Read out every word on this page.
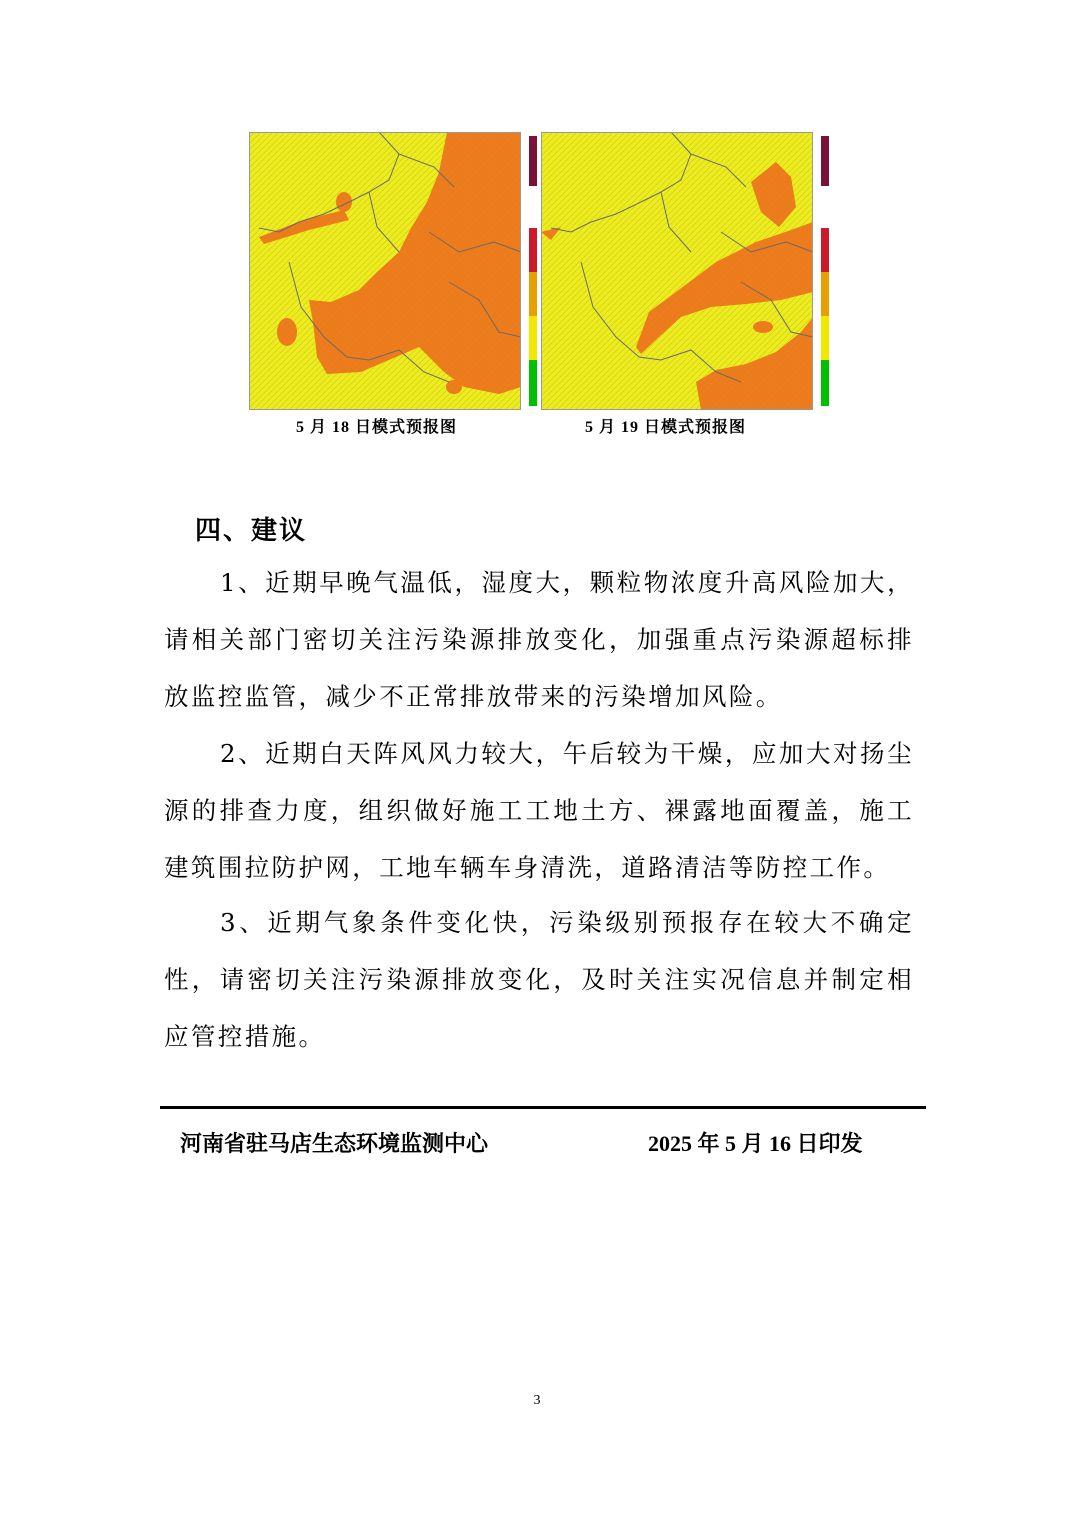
5 月 18 日模式预报图	5 月 19 日模式预报图
四、建议

1、近期早晚气温低，湿度大，颗粒物浓度升高风险加大，请相关部门密切关注污染源排放变化，加强重点污染源超标排放监控监管，减少不正常排放带来的污染增加风险。

2、近期白天阵风风力较大，午后较为干燥，应加大对扬尘源的排查力度，组织做好施工工地土方、裸露地面覆盖，施工建筑围拉防护网，工地车辆车身清洗，道路清洁等防控工作。

3、近期气象条件变化快，污染级别预报存在较大不确定性，请密切关注污染源排放变化，及时关注实况信息并制定相应管控措施。

河南省驻马店生态环境监测中心	2025 年 5 月 16 日印发
3
